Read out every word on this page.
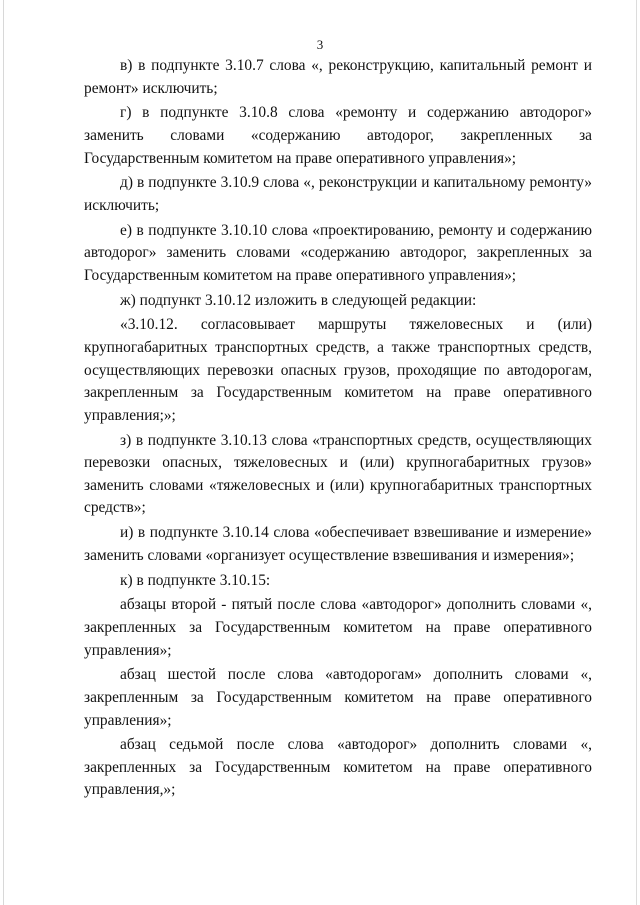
3

в) в подпункте 3.10.7 слова «, реконструкцию, капитальный ремонт и ремонт» исключить;

г) в подпункте 3.10.8 слова «ремонту и содержанию автодорог» заменить словами «содержанию автодорог, закрепленных за Государственным комитетом на праве оперативного управления»;

д) в подпункте 3.10.9 слова «, реконструкции и капитальному ремонту» исключить;

е) в подпункте 3.10.10 слова «проектированию, ремонту и содержанию автодорог» заменить словами «содержанию автодорог, закрепленных за Государственным комитетом на праве оперативного управления»;

ж) подпункт 3.10.12 изложить в следующей редакции:

«3.10.12. согласовывает маршруты тяжеловесных и (или) крупногабаритных транспортных средств, а также транспортных средств, осуществляющих перевозки опасных грузов, проходящие по автодорогам, закрепленным за Государственным комитетом на праве оперативного управления;»;

з) в подпункте 3.10.13 слова «транспортных средств, осуществляющих перевозки опасных, тяжеловесных и (или) крупногабаритных грузов» заменить словами «тяжеловесных и (или) крупногабаритных транспортных средств»;

и) в подпункте 3.10.14 слова «обеспечивает взвешивание и измерение» заменить словами «организует осуществление взвешивания и измерения»;

к) в подпункте 3.10.15:

абзацы второй - пятый после слова «автодорог» дополнить словами «, закрепленных за Государственным комитетом на праве оперативного управления»;

абзац шестой после слова «автодорогам» дополнить словами «, закрепленным за Государственным комитетом на праве оперативного управления»;

абзац седьмой после слова «автодорог» дополнить словами «, закрепленных за Государственным комитетом на праве оперативного управления,»;
